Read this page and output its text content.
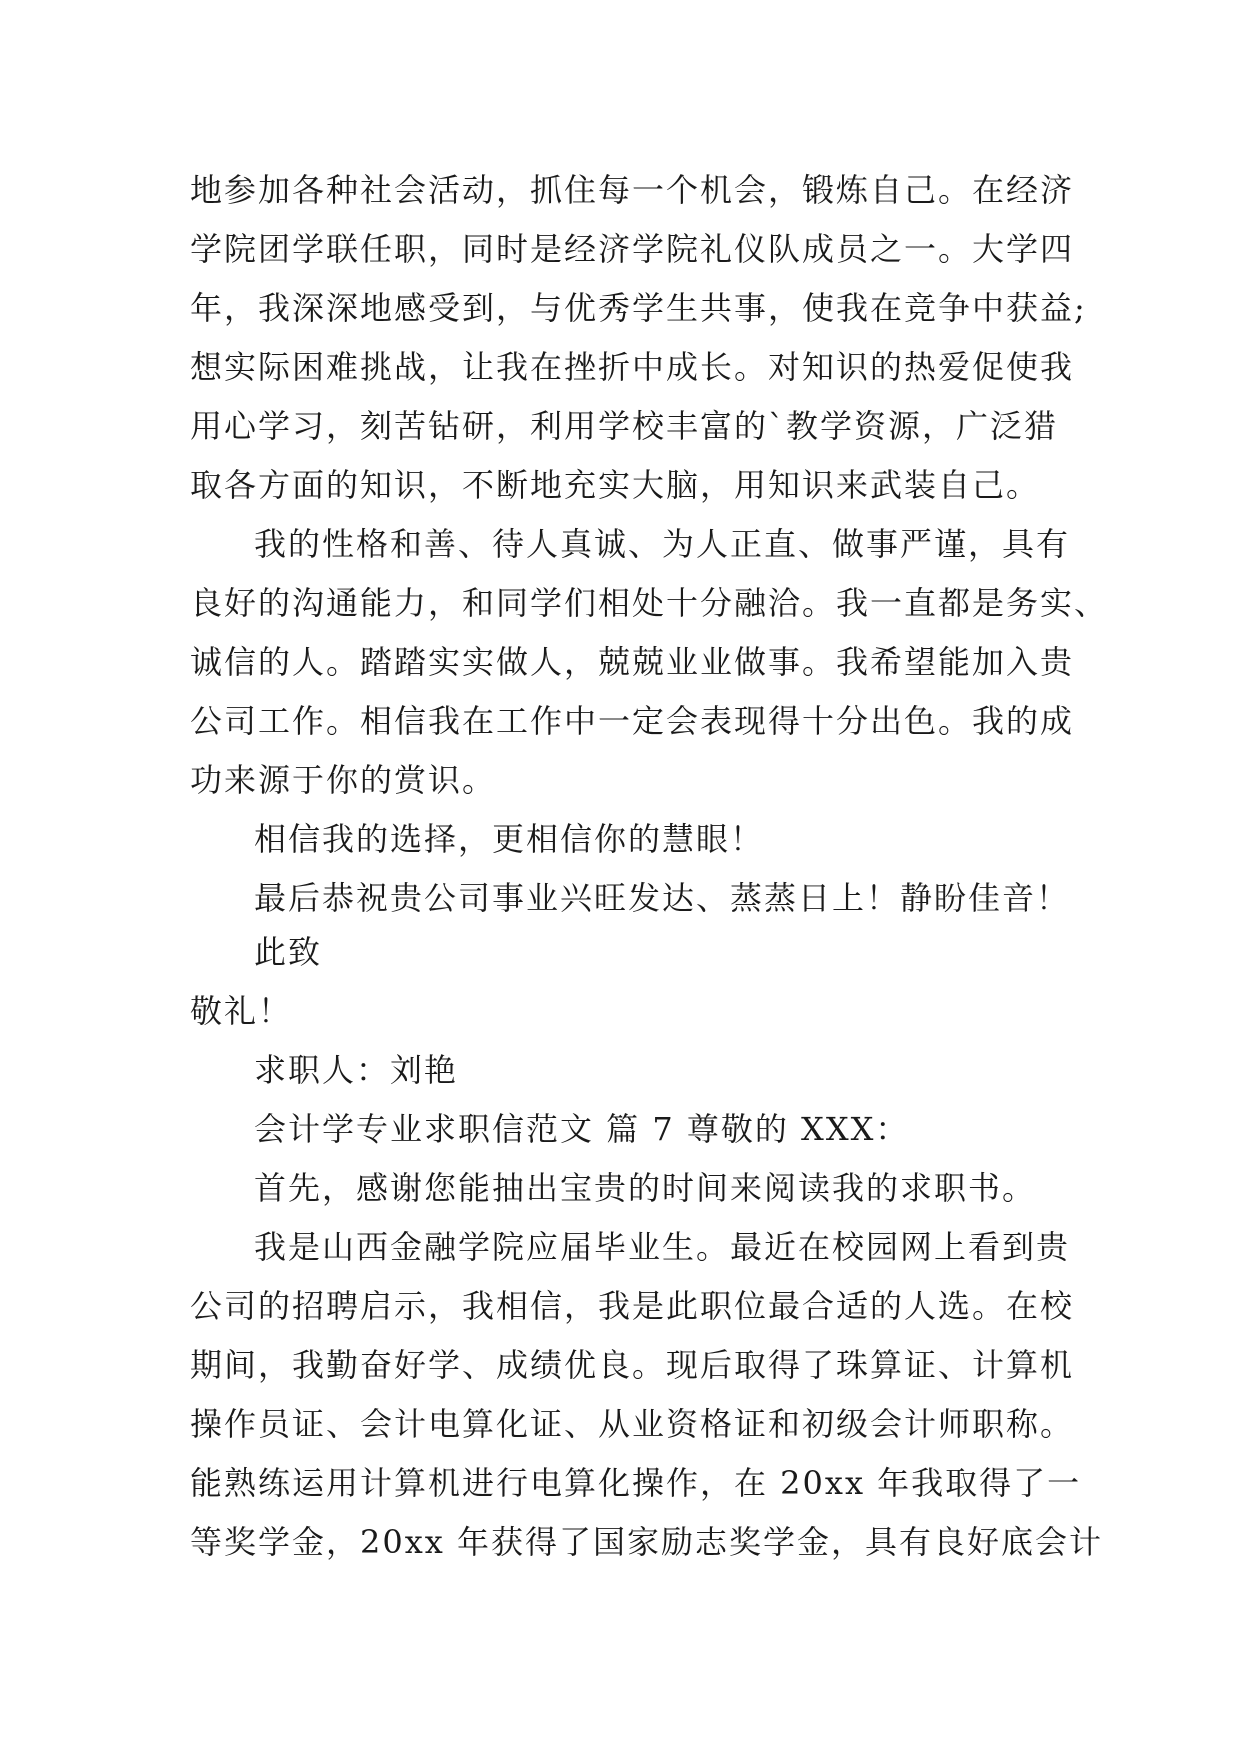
地参加各种社会活动，抓住每一个机会，锻炼自己。在经济
学院团学联任职，同时是经济学院礼仪队成员之一。大学四
年，我深深地感受到，与优秀学生共事，使我在竞争中获益;
想实际困难挑战，让我在挫折中成长。对知识的热爱促使我
用心学习，刻苦钻研，利用学校丰富的`教学资源，广泛猎
取各方面的知识，不断地充实大脑，用知识来武装自己。
我的性格和善、待人真诚、为人正直、做事严谨，具有
良好的沟通能力，和同学们相处十分融洽。我一直都是务实、
诚信的人。踏踏实实做人，兢兢业业做事。我希望能加入贵
公司工作。相信我在工作中一定会表现得十分出色。我的成
功来源于你的赏识。
相信我的选择，更相信你的慧眼！
最后恭祝贵公司事业兴旺发达、蒸蒸日上！静盼佳音！
此致
敬礼！
求职人：刘艳
会计学专业求职信范文 篇 7 尊敬的 XXX：
首先，感谢您能抽出宝贵的时间来阅读我的求职书。
我是山西金融学院应届毕业生。最近在校园网上看到贵
公司的招聘启示，我相信，我是此职位最合适的人选。在校
期间，我勤奋好学、成绩优良。现后取得了珠算证、计算机
操作员证、会计电算化证、从业资格证和初级会计师职称。
能熟练运用计算机进行电算化操作，在 20xx 年我取得了一
等奖学金，20xx 年获得了国家励志奖学金，具有良好底会计
